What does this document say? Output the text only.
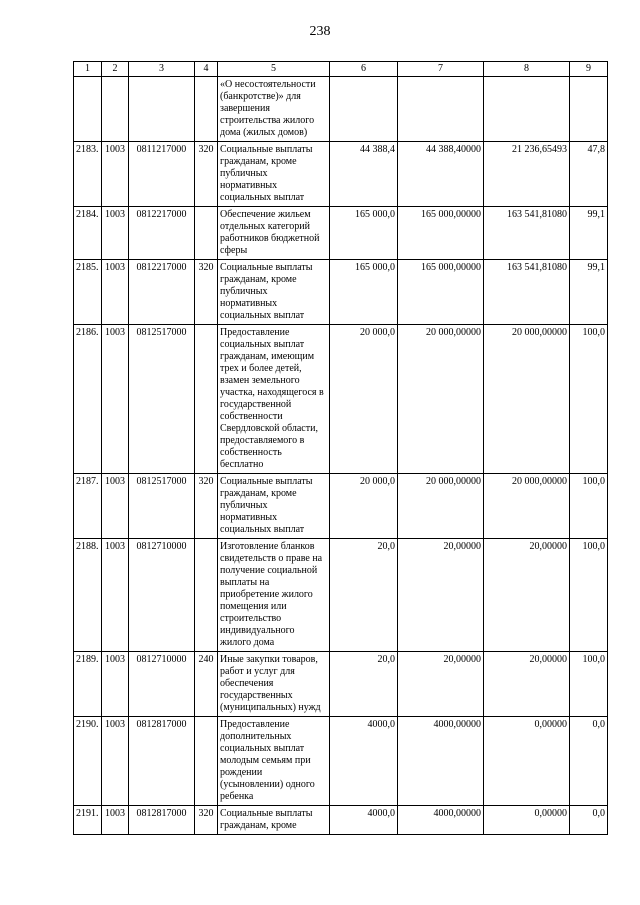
238
1	2	3	4	5	6	7	8	9
				«О несостоятельности (банкротстве)» для завершения строительства жилого дома (жилых домов)				
2183.	1003	0811217000	320	Социальные выплаты гражданам, кроме публичных нормативных социальных выплат	44 388,4	44 388,40000	21 236,65493	47,8
2184.	1003	0812217000		Обеспечение жильем отдельных категорий работников бюджетной сферы	165 000,0	165 000,00000	163 541,81080	99,1
2185.	1003	0812217000	320	Социальные выплаты гражданам, кроме публичных нормативных социальных выплат	165 000,0	165 000,00000	163 541,81080	99,1
2186.	1003	0812517000		Предоставление социальных выплат гражданам, имеющим трех и более детей, взамен земельного участка, находящегося в государственной собственности Свердловской области, предоставляемого в собственность бесплатно	20 000,0	20 000,00000	20 000,00000	100,0
2187.	1003	0812517000	320	Социальные выплаты гражданам, кроме публичных нормативных социальных выплат	20 000,0	20 000,00000	20 000,00000	100,0
2188.	1003	0812710000		Изготовление бланков свидетельств о праве на получение социальной выплаты на приобретение жилого помещения или строительство индивидуального жилого дома	20,0	20,00000	20,00000	100,0
2189.	1003	0812710000	240	Иные закупки товаров, работ и услуг для обеспечения государственных (муниципальных) нужд	20,0	20,00000	20,00000	100,0
2190.	1003	0812817000		Предоставление дополнительных социальных выплат молодым семьям при рождении (усыновлении) одного ребенка	4000,0	4000,00000	0,00000	0,0
2191.	1003	0812817000	320	Социальные выплаты гражданам, кроме	4000,0	4000,00000	0,00000	0,0
